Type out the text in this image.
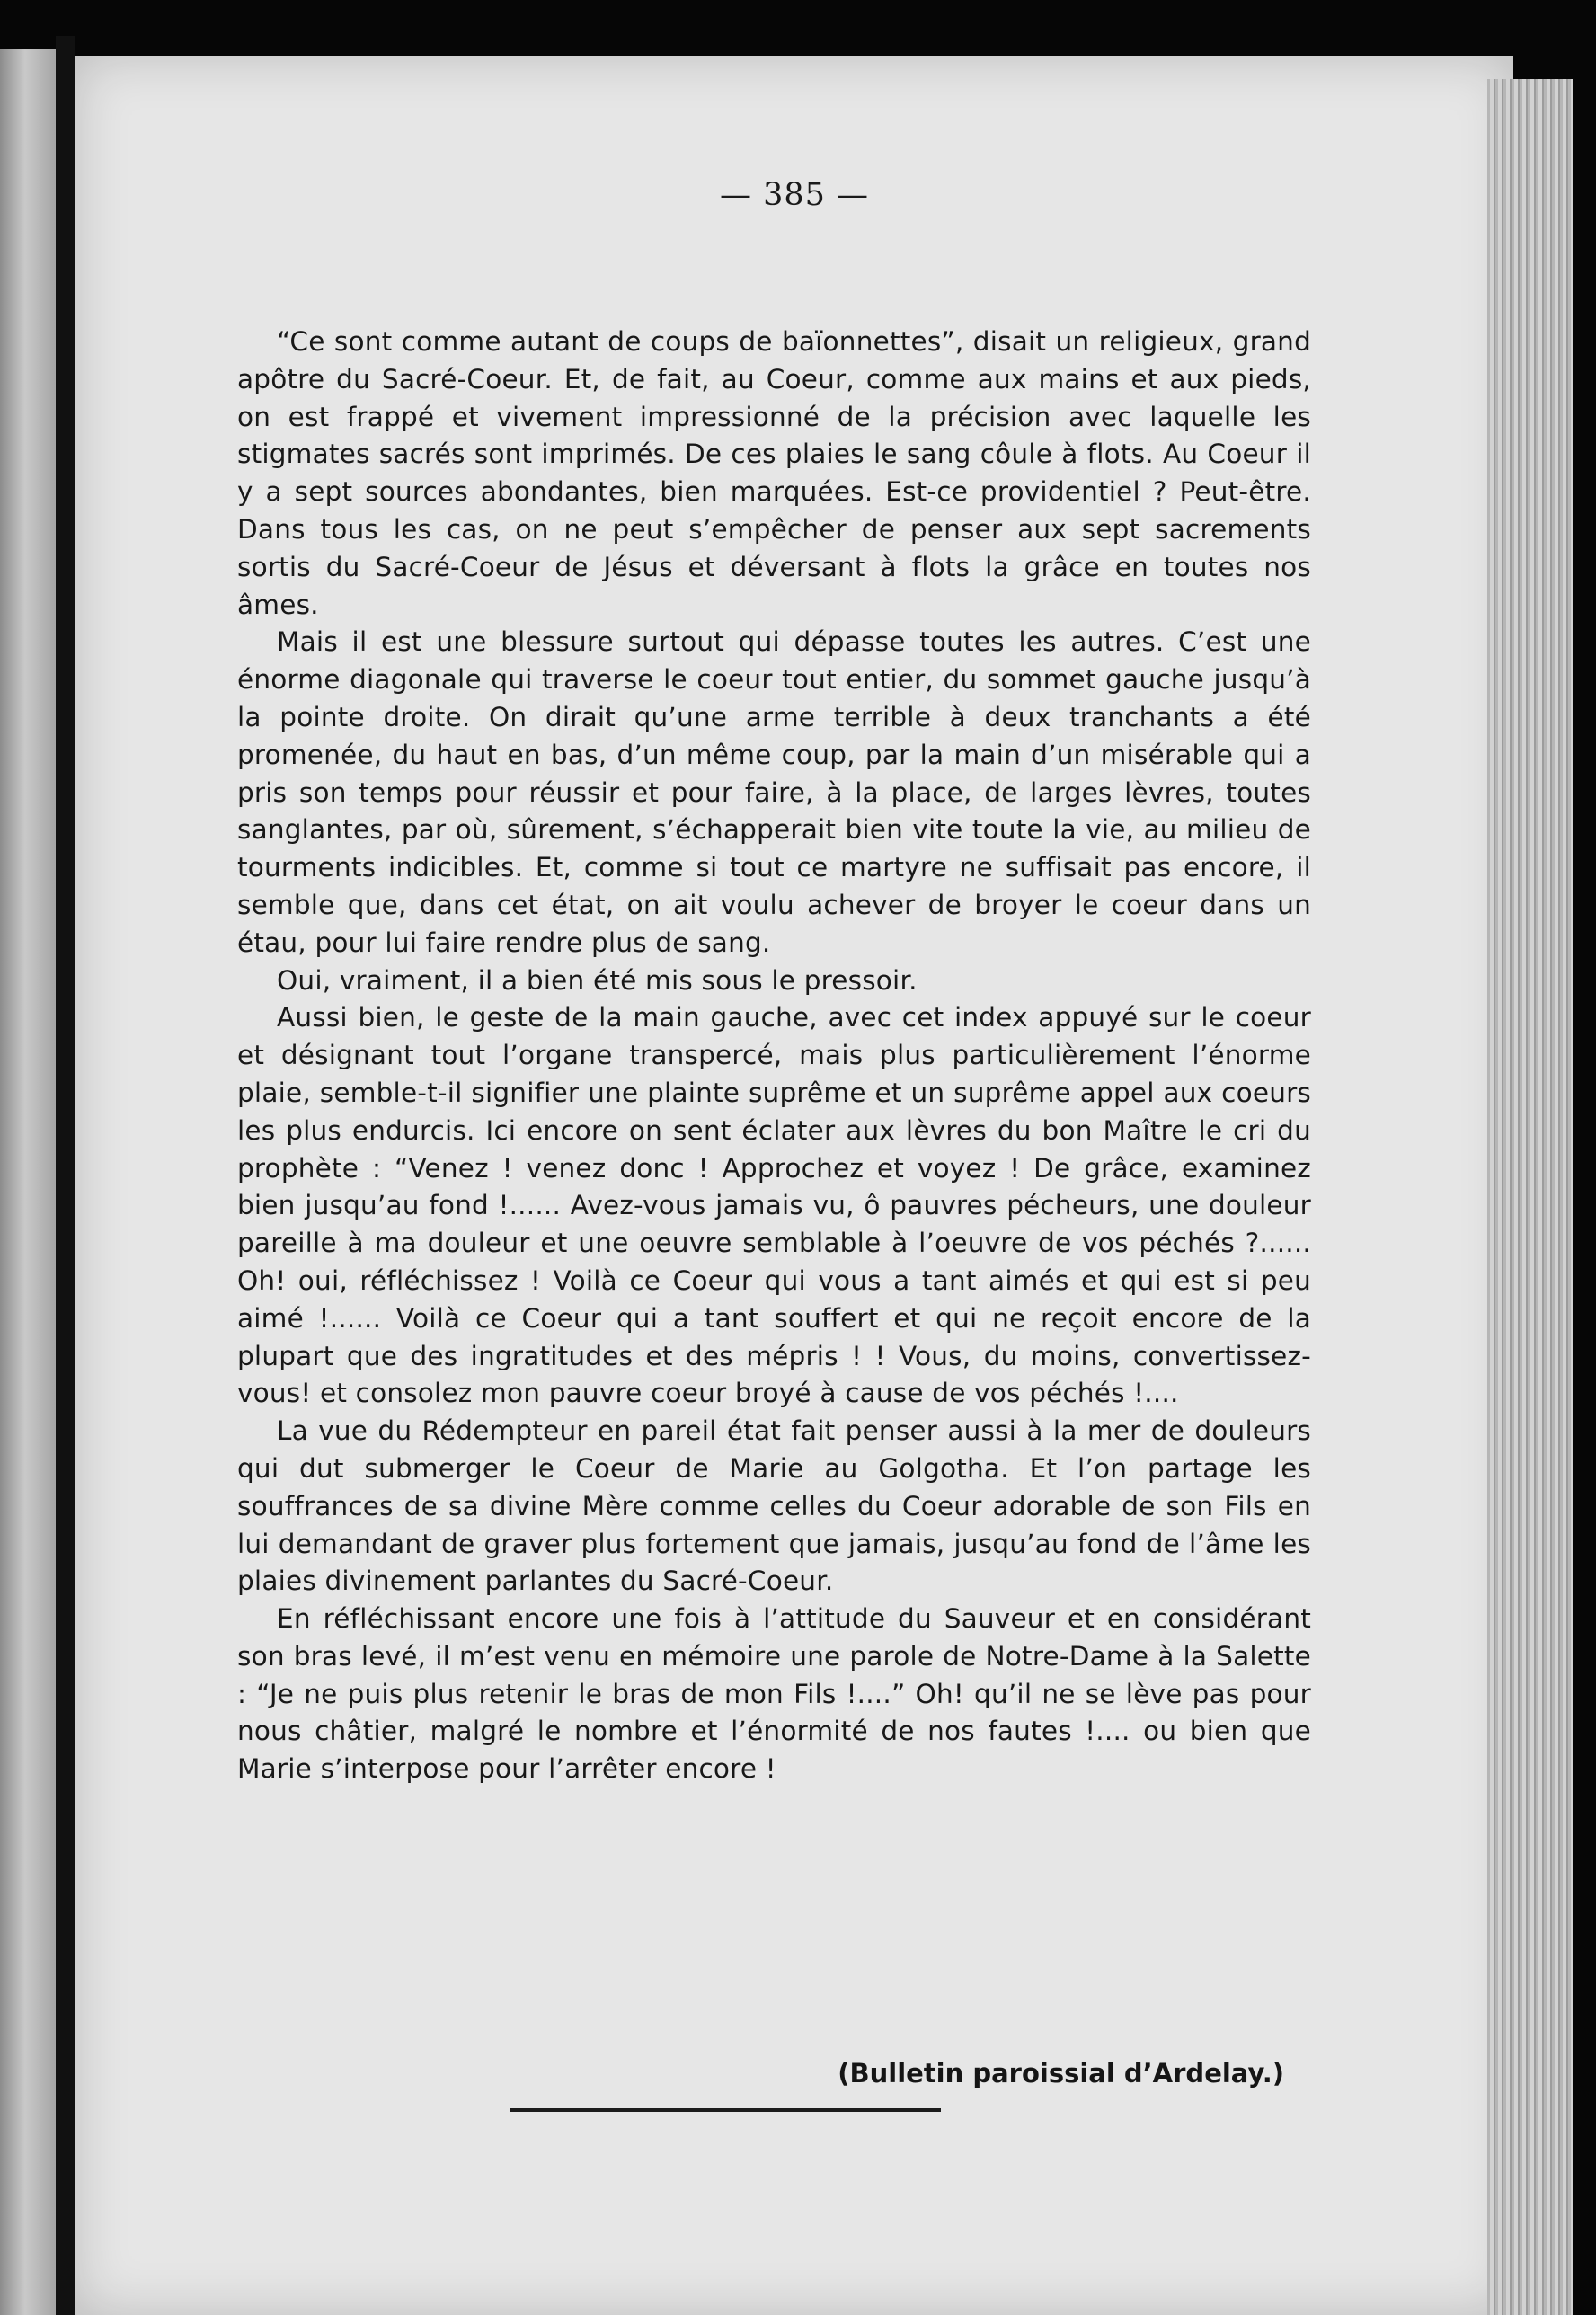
— 385 —

“Ce sont comme autant de coups de baïonnettes”, disait un religieux, grand apôtre du Sacré-Coeur. Et, de fait, au Coeur, comme aux mains et aux pieds, on est frappé et vivement impressionné de la précision avec laquelle les stigmates sacrés sont imprimés. De ces plaies le sang côule à flots. Au Coeur il y a sept sources abondantes, bien marquées. Est-ce providentiel ? Peut-être. Dans tous les cas, on ne peut s’empêcher de penser aux sept sacrements sortis du Sacré-Coeur de Jésus et déversant à flots la grâce en toutes nos âmes.

Mais il est une blessure surtout qui dépasse toutes les autres. C’est une énorme diagonale qui traverse le coeur tout entier, du sommet gauche jusqu’à la pointe droite. On dirait qu’une arme terrible à deux tranchants a été promenée, du haut en bas, d’un même coup, par la main d’un misérable qui a pris son temps pour réussir et pour faire, à la place, de larges lèvres, toutes sanglantes, par où, sûrement, s’échapperait bien vite toute la vie, au milieu de tourments indicibles. Et, comme si tout ce martyre ne suffisait pas encore, il semble que, dans cet état, on ait voulu achever de broyer le coeur dans un étau, pour lui faire rendre plus de sang.

Oui, vraiment, il a bien été mis sous le pressoir.

Aussi bien, le geste de la main gauche, avec cet index appuyé sur le coeur et désignant tout l’organe transpercé, mais plus particulièrement l’énorme plaie, semble-t-il signifier une plainte suprême et un suprême appel aux coeurs les plus endurcis. Ici encore on sent éclater aux lèvres du bon Maître le cri du prophète : “Venez ! venez donc ! Approchez et voyez ! De grâce, examinez bien jusqu’au fond !...... Avez-vous jamais vu, ô pauvres pécheurs, une douleur pareille à ma douleur et une oeuvre semblable à l’oeuvre de vos péchés ?...... Oh! oui, réfléchissez ! Voilà ce Coeur qui vous a tant aimés et qui est si peu aimé !...... Voilà ce Coeur qui a tant souffert et qui ne reçoit encore de la plupart que des ingratitudes et des mépris ! ! Vous, du moins, convertissez-vous! et consolez mon pauvre coeur broyé à cause de vos péchés !....

La vue du Rédempteur en pareil état fait penser aussi à la mer de douleurs qui dut submerger le Coeur de Marie au Golgotha. Et l’on partage les souffrances de sa divine Mère comme celles du Coeur adorable de son Fils en lui demandant de graver plus fortement que jamais, jusqu’au fond de l’âme les plaies divinement parlantes du Sacré-Coeur.

En réfléchissant encore une fois à l’attitude du Sauveur et en considérant son bras levé, il m’est venu en mémoire une parole de Notre-Dame à la Salette : “Je ne puis plus retenir le bras de mon Fils !....” Oh! qu’il ne se lève pas pour nous châtier, malgré le nombre et l’énormité de nos fautes !.... ou bien que Marie s’interpose pour l’arrêter encore !

(Bulletin paroissial d’Ardelay.)
